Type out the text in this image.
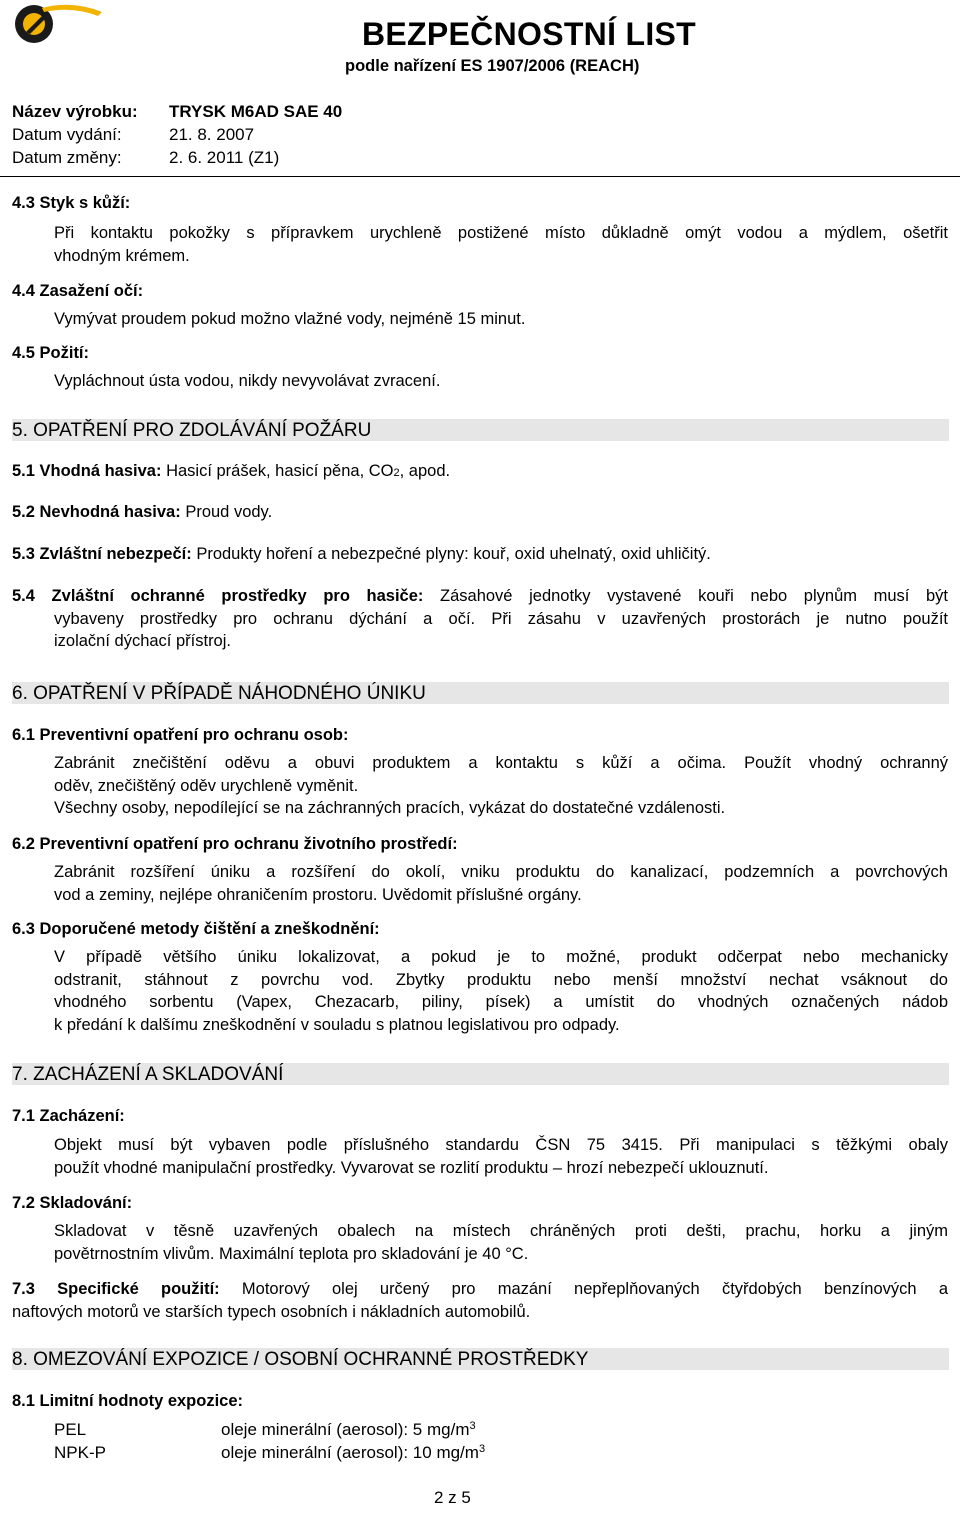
BEZPEČNOSTNÍ LIST
podle nařízení ES 1907/2006 (REACH)
Název výrobku: TRYSK M6AD SAE 40
Datum vydání:	21. 8. 2007
Datum změny:	2. 6. 2011 (Z1)
4.3 Styk s kůží:
Při kontaktu pokožky s přípravkem urychleně postižené místo důkladně omýt vodou a mýdlem, ošetřit
vhodným krémem.
4.4 Zasažení očí:
Vymývat proudem pokud možno vlažné vody, nejméně 15 minut.
4.5 Požití:
Vypláchnout ústa vodou, nikdy nevyvolávat zvracení.
5. OPATŘENÍ PRO ZDOLÁVÁNÍ POŽÁRU
5.1 Vhodná hasiva: Hasicí prášek, hasicí pěna, $CO_2$, apod.
5.2 Nevhodná hasiva: Proud vody.
5.3 Zvláštní nebezpečí: Produkty hoření a nebezpečné plyny: kouř, oxid uhelnatý, oxid uhličitý.
5.4 Zvláštní ochranné prostředky pro hasiče: Zásahové jednotky vystavené kouři nebo plynům musí být
vybaveny prostředky pro ochranu dýchání a očí. Při zásahu v uzavřených prostorách je nutno použít
izolační dýchací přístroj.
6. OPATŘENÍ V PŘÍPADĚ NÁHODNÉHO ÚNIKU
6.1 Preventivní opatření pro ochranu osob:
Zabránit znečištění oděvu a obuvi produktem a kontaktu s kůží a očima. Použít vhodný ochranný
oděv, znečištěný oděv urychleně vyměnit.
Všechny osoby, nepodílející se na záchranných pracích, vykázat do dostatečné vzdálenosti.
6.2 Preventivní opatření pro ochranu životního prostředí:
Zabránit rozšíření úniku a rozšíření do okolí, vniku produktu do kanalizací, podzemních a povrchových
vod a zeminy, nejlépe ohraničením prostoru. Uvědomit příslušné orgány.
6.3 Doporučené metody čištění a zneškodnění:
V případě většího úniku lokalizovat, a pokud je to možné, produkt odčerpat nebo mechanicky
odstranit, stáhnout z povrchu vod. Zbytky produktu nebo menší množství nechat vsáknout do
vhodného sorbentu (Vapex, Chezacarb, piliny, písek) a umístit do vhodných označených nádob
k předání k dalšímu zneškodnění v souladu s platnou legislativou pro odpady.
7. ZACHÁZENÍ A SKLADOVÁNÍ
7.1 Zacházení:
Objekt musí být vybaven podle příslušného standardu ČSN 75 3415. Při manipulaci s těžkými obaly
použít vhodné manipulační prostředky. Vyvarovat se rozlití produktu – hrozí nebezpečí uklouznutí.
7.2 Skladování:
Skladovat v těsně uzavřených obalech na místech chráněných proti dešti, prachu, horku a jiným
povětrnostním vlivům. Maximální teplota pro skladování je 40 °C.
7.3 Specifické použití: Motorový olej určený pro mazání nepřeplňovaných čtyřdobých benzínových a
naftových motorů ve starších typech osobních i nákladních automobilů.
8. OMEZOVÁNÍ EXPOZICE / OSOBNÍ OCHRANNÉ PROSTŘEDKY
8.1 Limitní hodnoty expozice:
PEL	oleje minerální (aerosol): 5 $mg/m^3$
NPK-P	oleje minerální (aerosol): 10 $mg/m^3$
2 z 5
